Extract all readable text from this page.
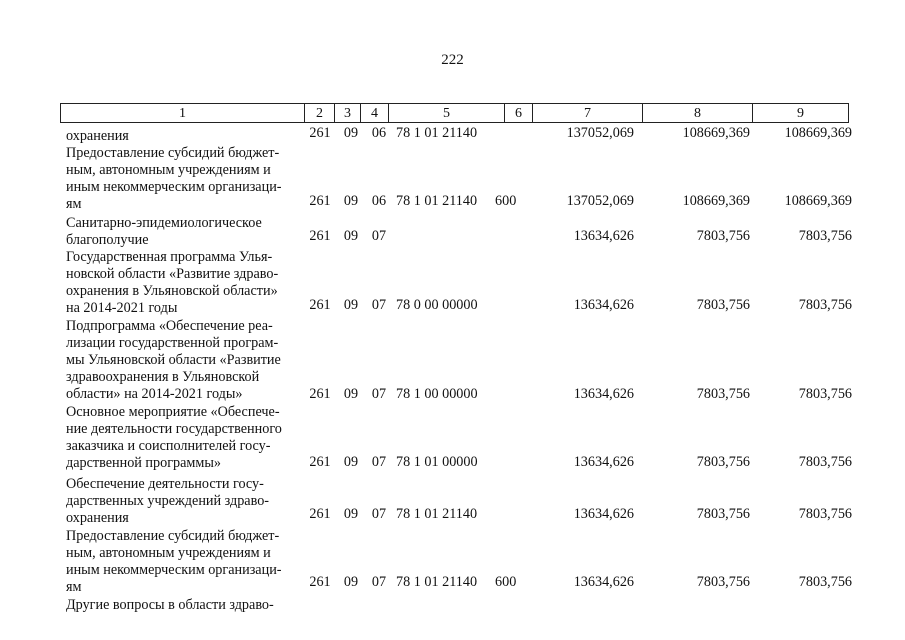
222
1	2	3	4	5	6	7	8	9
охранения	261 09 06 78 1 01 21140	137052,069	108669,369	108669,369
Предоставление субсидий бюджет-
ным, автономным учреждениям и
иным некоммерческим организаци-
ям	261 09 06 78 1 01 21140	600	137052,069	108669,369	108669,369
Санитарно-эпидемиологическое
благополучие	261 09 07	13634,626	7803,756	7803,756
Государственная программа Улья-
новской области «Развитие здраво-
охранения в Ульяновской области»
на 2014-2021 годы	261 09 07 78 0 00 00000	13634,626	7803,756	7803,756
Подпрограмма «Обеспечение реа-
лизации государственной програм-
мы Ульяновской области «Развитие
здравоохранения в Ульяновской
области» на 2014-2021 годы»	261 09 07 78 1 00 00000	13634,626	7803,756	7803,756
Основное мероприятие «Обеспече-
ние деятельности государственного
заказчика и соисполнителей госу-
дарственной программы»	261 09 07 78 1 01 00000	13634,626	7803,756	7803,756
Обеспечение деятельности госу-
дарственных учреждений здраво-
охранения	261 09 07 78 1 01 21140	13634,626	7803,756	7803,756
Предоставление субсидий бюджет-
ным, автономным учреждениям и
иным некоммерческим организаци-
ям	261 09 07 78 1 01 21140	600	13634,626	7803,756	7803,756
Другие вопросы в области здраво-
